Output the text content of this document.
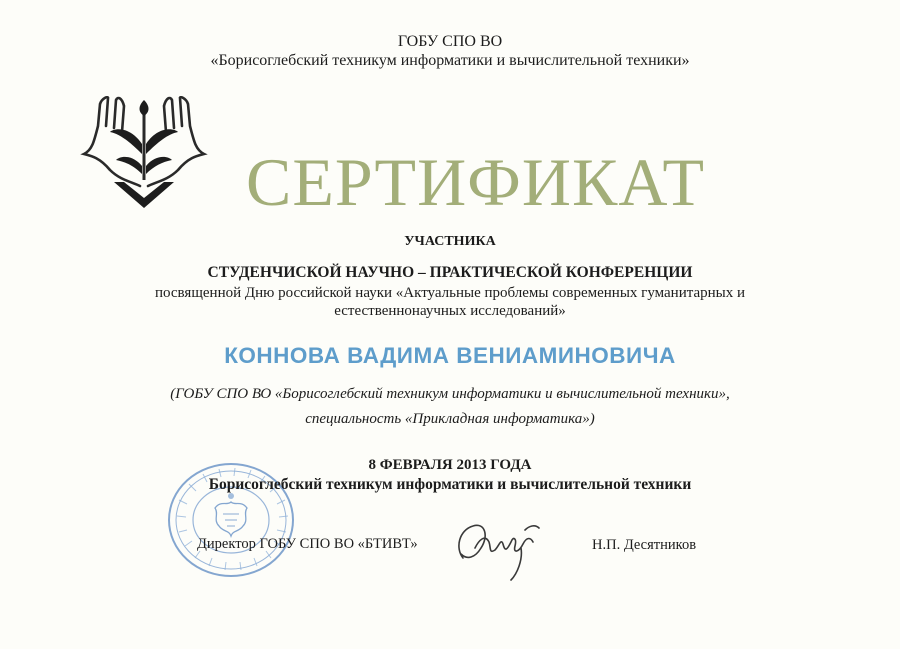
ГОБУ СПО ВО
«Борисоглебский техникум информатики и вычислительной техники»
СЕРТИФИКАТ
УЧАСТНИКА
СТУДЕНЧИСКОЙ НАУЧНО – ПРАКТИЧЕСКОЙ КОНФЕРЕНЦИИ
посвященной Дню российской науки «Актуальные проблемы современных гуманитарных и
естественнонаучных исследований»
КОННОВА ВАДИМА ВЕНИАМИНОВИЧА
(ГОБУ СПО ВО «Борисоглебский техникум информатики и вычислительной техники»,
специальность «Прикладная информатика»)
8 ФЕВРАЛЯ 2013 ГОДА
Борисоглебский техникум информатики и вычислительной техники
Директор ГОБУ СПО ВО «БТИВТ»	Н.П. Десятников
